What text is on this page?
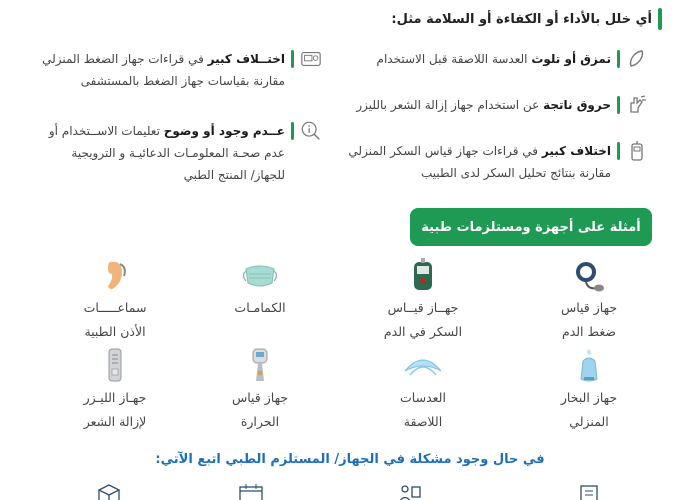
أي خلل بالأداء أو الكفاءة أو السلامة مثل:
تمزق أو تلوث العدسة اللاصقة قبل الاستخدام
حروق ناتجة عن استخدام جهاز إزالة الشعر بالليزر
اختلاف كبير في قراءات جهاز قياس السكر المنزلي
مقارنة بنتائج تحليل السكر لدى الطبيب
اختــلاف كبير في قراءات جهاز الضغط المنزلي
مقارنة بقياسات جهاز الضغط بالمستشفى
عــدم وجود أو وضوح تعليمات الاســتخدام أو
عدم صحـة المعلومـات الدعائيـة و الترويجية
للجهاز/ المنتج الطبي
أمثلة على أجهزة ومستلزمات طبية
جهاز قياس
ضغط الدم
جهــاز قيــاس
السكر في الدم
الكمامـات
سماعـــــات
الأذن الطبية
جهاز البخار
المنزلي
العدسات
اللاصقة
جهاز قياس
الحرارة
جهـاز الليـزر
لإزالة الشعر
في حال وجود مشكلة في الجهاز/ المستلزم الطبي اتبع الآتي:
